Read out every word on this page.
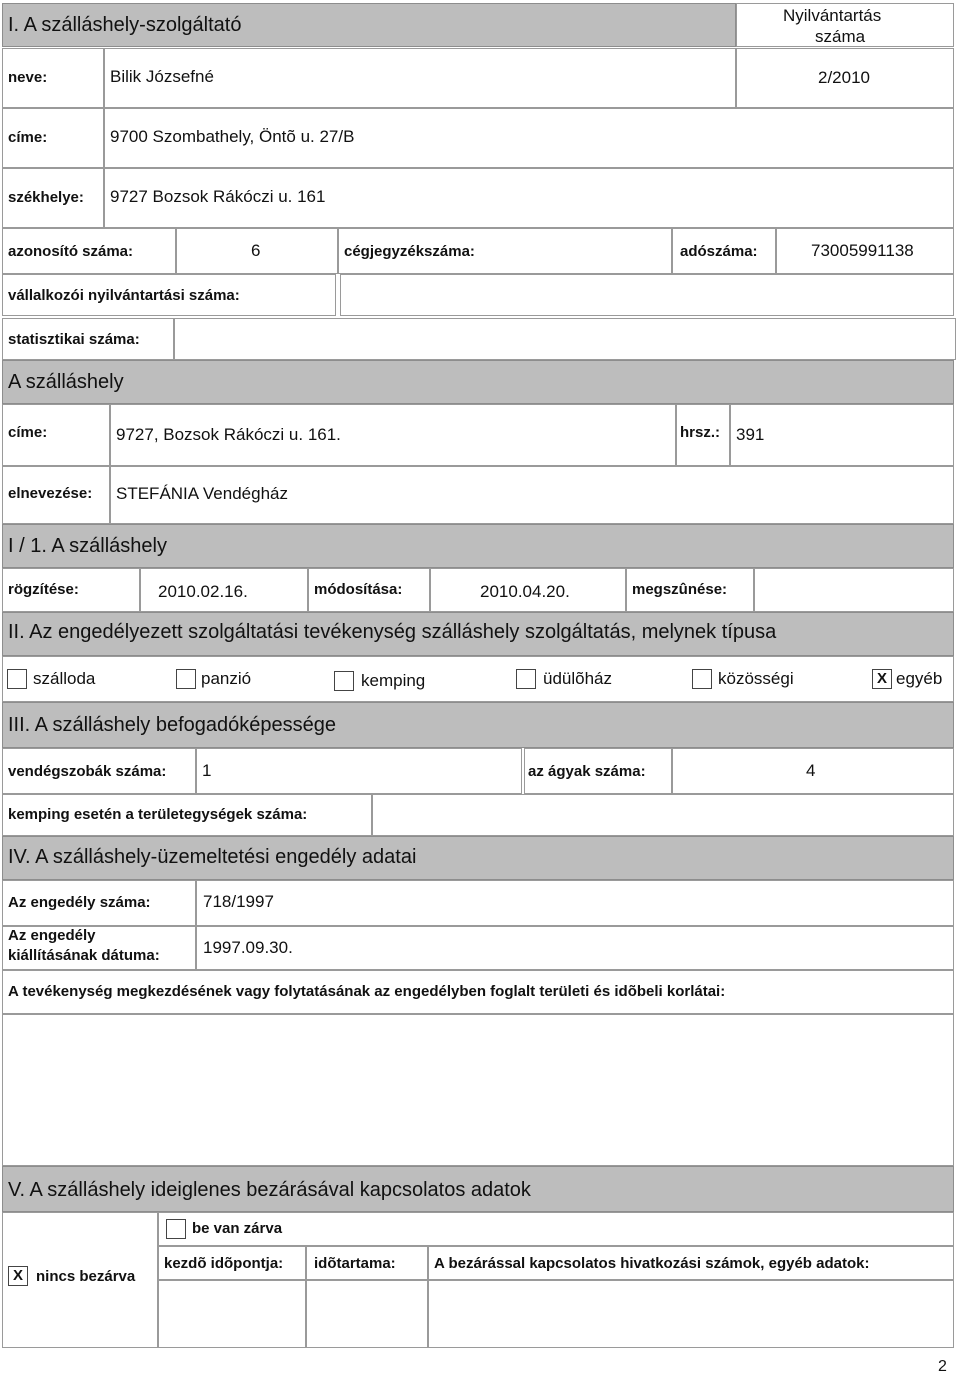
I. A szálláshely-szolgáltató	Nyilvántartás
száma
neve:	Bilik Józsefné	2/2010
címe:	9700 Szombathely, Öntõ u. 27/B
székhelye: 9727 Bozsok Rákóczi u. 161
azonosító száma:	6	cégjegyzékszáma:	adószáma:	73005991138
vállalkozói nyilvántartási száma:
statisztikai száma:
A szálláshely
címe:	9727, Bozsok Rákóczi u. 161.	hrsz.: 391
elnevezése: STEFÁNIA Vendégház
I / 1. A szálláshely
rögzítése:	2010.02.16.	módosítása:	2010.04.20.	megszûnése:
II. Az engedélyezett szolgáltatási tevékenység szálláshely szolgáltatás, melynek típusa
szálloda	panzió	kemping	üdülõház	közösségi	X egyéb
III. A szálláshely befogadóképessége
vendégszobák száma: 1	az ágyak száma:	4
kemping esetén a területegységek száma:
IV. A szálláshely-üzemeltetési engedély adatai
Az engedély száma:	718/1997
Az engedély
kiállításának dátuma:	1997.09.30.
A tevékenység megkezdésének vagy folytatásának az engedélyben foglalt területi és idõbeli korlátai:
V. A szálláshely ideiglenes bezárásával kapcsolatos adatok
X nincs bezárva
be van zárva
kezdõ idõpontja: idõtartama:	A bezárással kapcsolatos hivatkozási számok, egyéb adatok:
2
